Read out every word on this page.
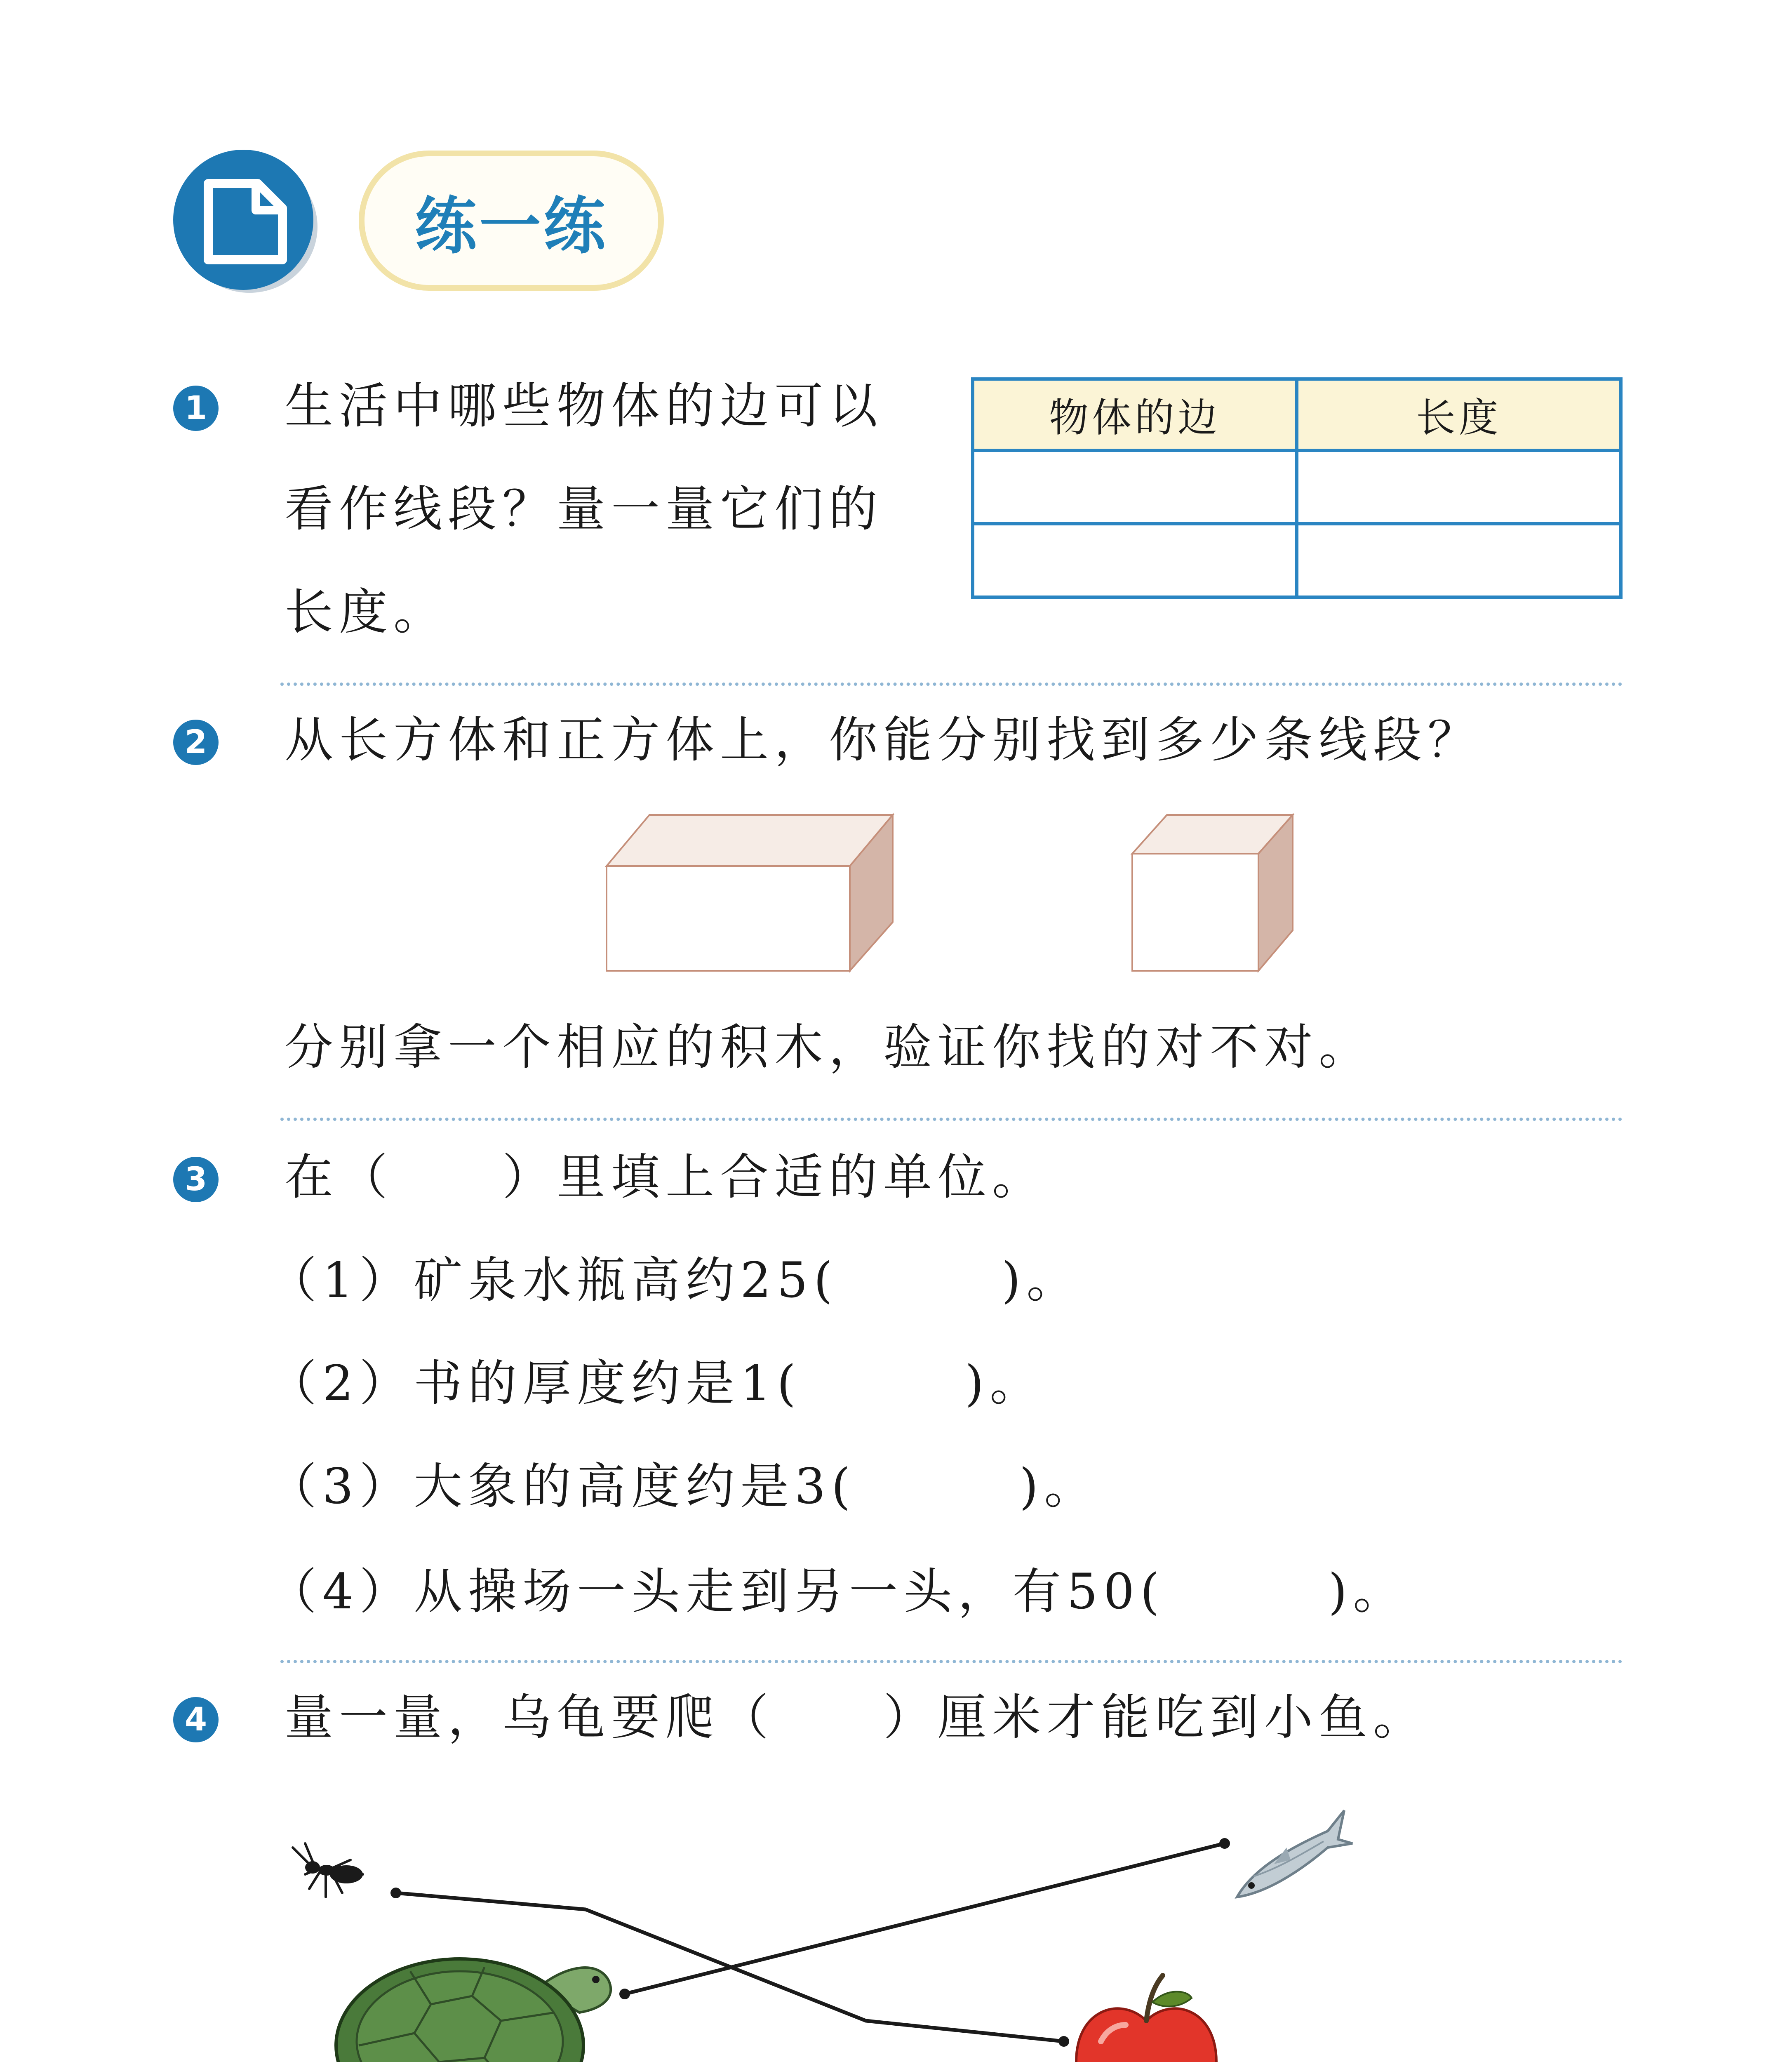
练一练
1 生活中哪些物体的边可以
看作线段？量一量它们的
长度。
物体的边	长度

2 从长方体和正方体上，你能分别找到多少条线段？
分别拿一个相应的积木，验证你找的对不对。
3 在（　　）里填上合适的单位。
（1）矿泉水瓶高约25(　　　)。
（2）书的厚度约是1(　　　)。
（3）大象的高度约是3(　　　)。
（4）从操场一头走到另一头，有50(　　　)。
4 量一量，乌龟要爬（　　）厘米才能吃到小鱼。
